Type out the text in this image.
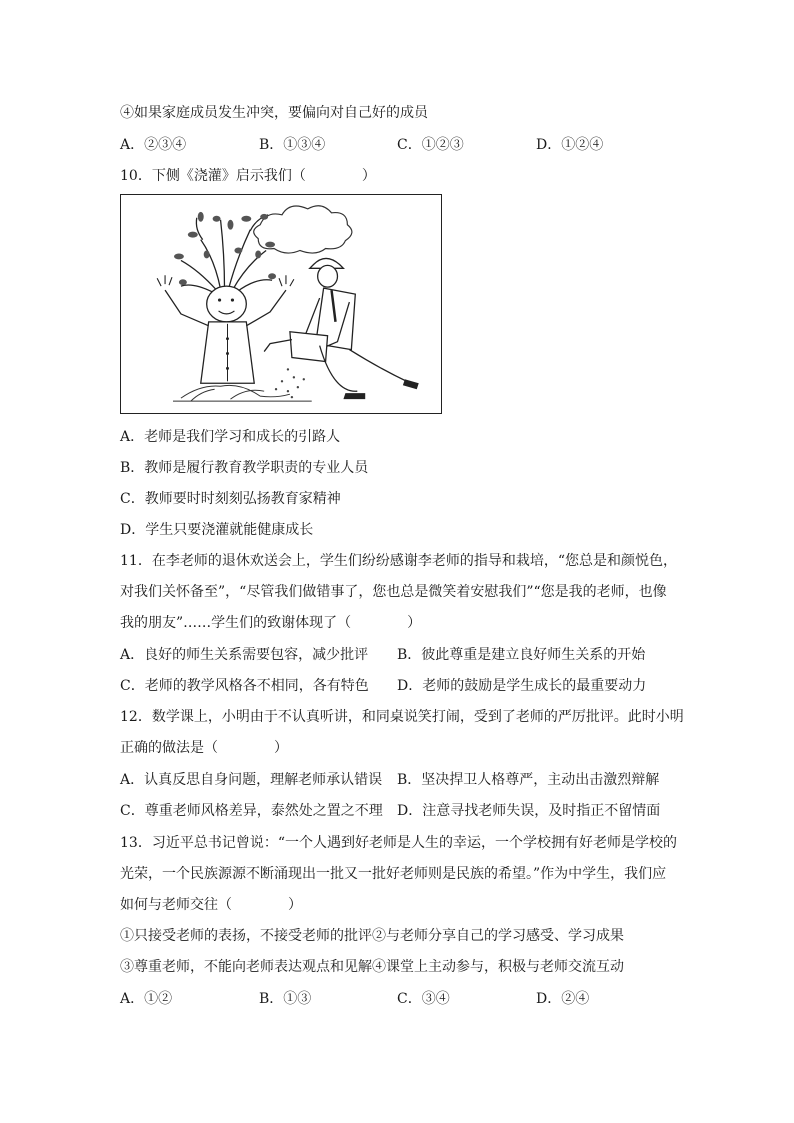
④如果家庭成员发生冲突，要偏向对自己好的成员
A．②③④	B．①③④	C．①②③	D．①②④
10．下侧《浇灌》启示我们（　　　　）
A．老师是我们学习和成长的引路人
B．教师是履行教育教学职责的专业人员
C．教师要时时刻刻弘扬教育家精神
D．学生只要浇灌就能健康成长
11．在李老师的退休欢送会上，学生们纷纷感谢李老师的指导和栽培，“您总是和颜悦色，
对我们关怀备至”，“尽管我们做错事了，您也总是微笑着安慰我们”“您是我的老师，也像
我的朋友”……学生们的致谢体现了（　　　　）
A．良好的师生关系需要包容，减少批评 B．彼此尊重是建立良好师生关系的开始
C．老师的教学风格各不相同，各有特色 D．老师的鼓励是学生成长的最重要动力
12．数学课上，小明由于不认真听讲，和同桌说笑打闹，受到了老师的严厉批评。此时小明
正确的做法是（　　　　）
A．认真反思自身问题，理解老师承认错误 B．坚决捍卫人格尊严，主动出击激烈辩解
C．尊重老师风格差异，泰然处之置之不理 D．注意寻找老师失误，及时指正不留情面
13．习近平总书记曾说：“一个人遇到好老师是人生的幸运，一个学校拥有好老师是学校的
光荣，一个民族源源不断涌现出一批又一批好老师则是民族的希望。”作为中学生，我们应
如何与老师交往（　　　　）
①只接受老师的表扬，不接受老师的批评②与老师分享自己的学习感受、学习成果
③尊重老师，不能向老师表达观点和见解④课堂上主动参与，积极与老师交流互动
A．①②	B．①③	C．③④	D．②④
